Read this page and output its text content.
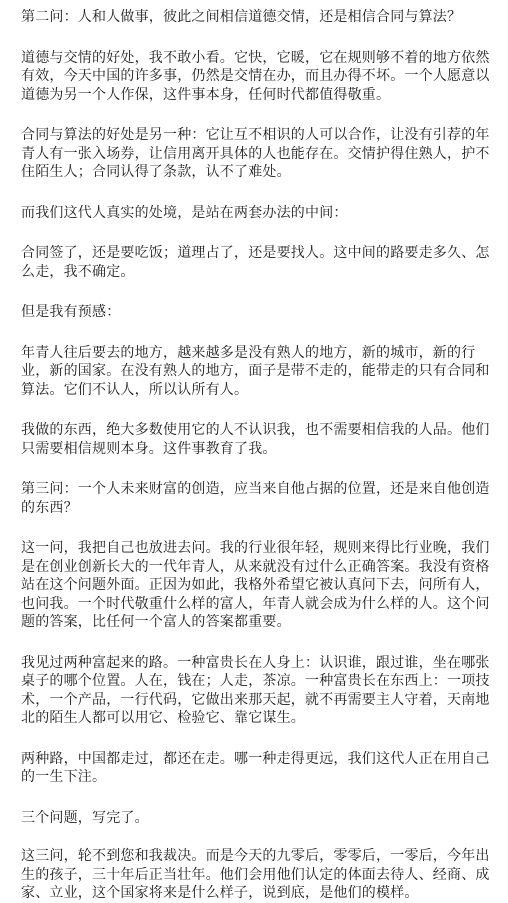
第二问：人和人做事，彼此之间相信道德交情，还是相信合同与算法？

道德与交情的好处，我不敢小看。它快，它暖，它在规则够不着的地方依然有效，今天中国的许多事，仍然是交情在办，而且办得不坏。一个人愿意以道德为另一个人作保，这件事本身，任何时代都值得敬重。

合同与算法的好处是另一种：它让互不相识的人可以合作，让没有引荐的年青人有一张入场券，让信用离开具体的人也能存在。交情护得住熟人，护不住陌生人；合同认得了条款，认不了难处。

而我们这代人真实的处境，是站在两套办法的中间：

合同签了，还是要吃饭；道理占了，还是要找人。这中间的路要走多久、怎么走，我不确定。

但是我有预感：

年青人往后要去的地方，越来越多是没有熟人的地方，新的城市，新的行业，新的国家。在没有熟人的地方，面子是带不走的，能带走的只有合同和算法。它们不认人，所以认所有人。

我做的东西，绝大多数使用它的人不认识我，也不需要相信我的人品。他们只需要相信规则本身。这件事教育了我。

第三问：一个人未来财富的创造，应当来自他占据的位置，还是来自他创造的东西？

这一问，我把自己也放进去问。我的行业很年轻，规则来得比行业晚，我们是在创业创新长大的一代年青人，从来就没有过什么正确答案。我没有资格站在这个问题外面。正因为如此，我格外希望它被认真问下去，问所有人，也问我。一个时代敬重什么样的富人，年青人就会成为什么样的人。这个问题的答案，比任何一个富人的答案都重要。

我见过两种富起来的路。一种富贵长在人身上：认识谁，跟过谁，坐在哪张桌子的哪个位置。人在，钱在；人走，茶凉。一种富贵长在东西上：一项技术，一个产品，一行代码，它做出来那天起，就不再需要主人守着，天南地北的陌生人都可以用它、检验它、靠它谋生。

两种路，中国都走过，都还在走。哪一种走得更远，我们这代人正在用自己的一生下注。

三个问题，写完了。

这三问，轮不到您和我裁决。而是今天的九零后，零零后，一零后，今年出生的孩子，三十年后正当壮年。他们会用他们认定的体面去待人、经商、成家、立业，这个国家将来是什么样子，说到底，是他们的模样。
